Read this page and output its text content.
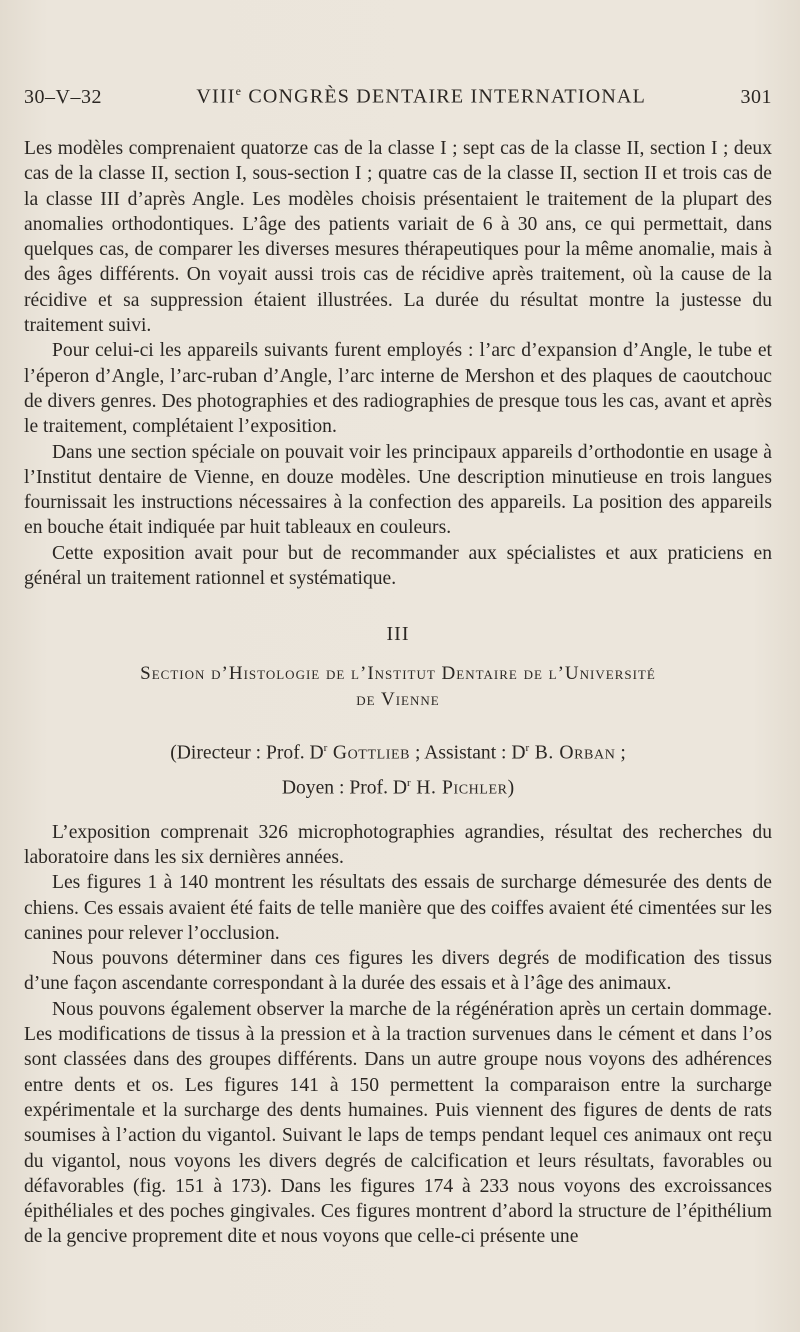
30–V–32	VIIIe CONGRÈS DENTAIRE INTERNATIONAL	301

Les modèles comprenaient quatorze cas de la classe I ; sept cas de la classe II, section I ; deux cas de la classe II, section I, sous-section I ; quatre cas de la classe II, section II et trois cas de la classe III d’après Angle. Les modèles choisis présentaient le traitement de la plupart des anomalies orthodontiques. L’âge des patients variait de 6 à 30 ans, ce qui permettait, dans quelques cas, de comparer les diverses mesures thérapeutiques pour la même anomalie, mais à des âges différents. On voyait aussi trois cas de récidive après traitement, où la cause de la récidive et sa suppression étaient illustrées. La durée du résultat montre la justesse du traitement suivi.

Pour celui-ci les appareils suivants furent employés : l’arc d’expansion d’Angle, le tube et l’éperon d’Angle, l’arc-ruban d’Angle, l’arc interne de Mershon et des plaques de caoutchouc de divers genres. Des photographies et des radiographies de presque tous les cas, avant et après le traitement, complétaient l’exposition.

Dans une section spéciale on pouvait voir les principaux appareils d’orthodontie en usage à l’Institut dentaire de Vienne, en douze modèles. Une description minutieuse en trois langues fournissait les instructions nécessaires à la confection des appareils. La position des appareils en bouche était indiquée par huit tableaux en couleurs.

Cette exposition avait pour but de recommander aux spécialistes et aux praticiens en général un traitement rationnel et systématique.

III
Section d’Histologie de l’Institut Dentaire de l’Université
de Vienne
(Directeur : Prof. $D^r$ Gottlieb ; Assistant : $D^r$ B. Orban ;
Doyen : Prof. $D^r$ H. Pichler)

L’exposition comprenait 326 microphotographies agrandies, résultat des recherches du laboratoire dans les six dernières années.

Les figures 1 à 140 montrent les résultats des essais de surcharge démesurée des dents de chiens. Ces essais avaient été faits de telle manière que des coiffes avaient été cimentées sur les canines pour relever l’occlusion.

Nous pouvons déterminer dans ces figures les divers degrés de modification des tissus d’une façon ascendante correspondant à la durée des essais et à l’âge des animaux.

Nous pouvons également observer la marche de la régénération après un certain dommage. Les modifications de tissus à la pression et à la traction survenues dans le cément et dans l’os sont classées dans des groupes différents. Dans un autre groupe nous voyons des adhérences entre dents et os. Les figures 141 à 150 permettent la comparaison entre la surcharge expérimentale et la surcharge des dents humaines. Puis viennent des figures de dents de rats soumises à l’action du vigantol. Suivant le laps de temps pendant lequel ces animaux ont reçu du vigantol, nous voyons les divers degrés de calcification et leurs résultats, favorables ou défavorables (fig. 151 à 173). Dans les figures 174 à 233 nous voyons des excroissances épithéliales et des poches gingivales. Ces figures montrent d’abord la structure de l’épithélium de la gencive proprement dite et nous voyons que celle-ci présente une
